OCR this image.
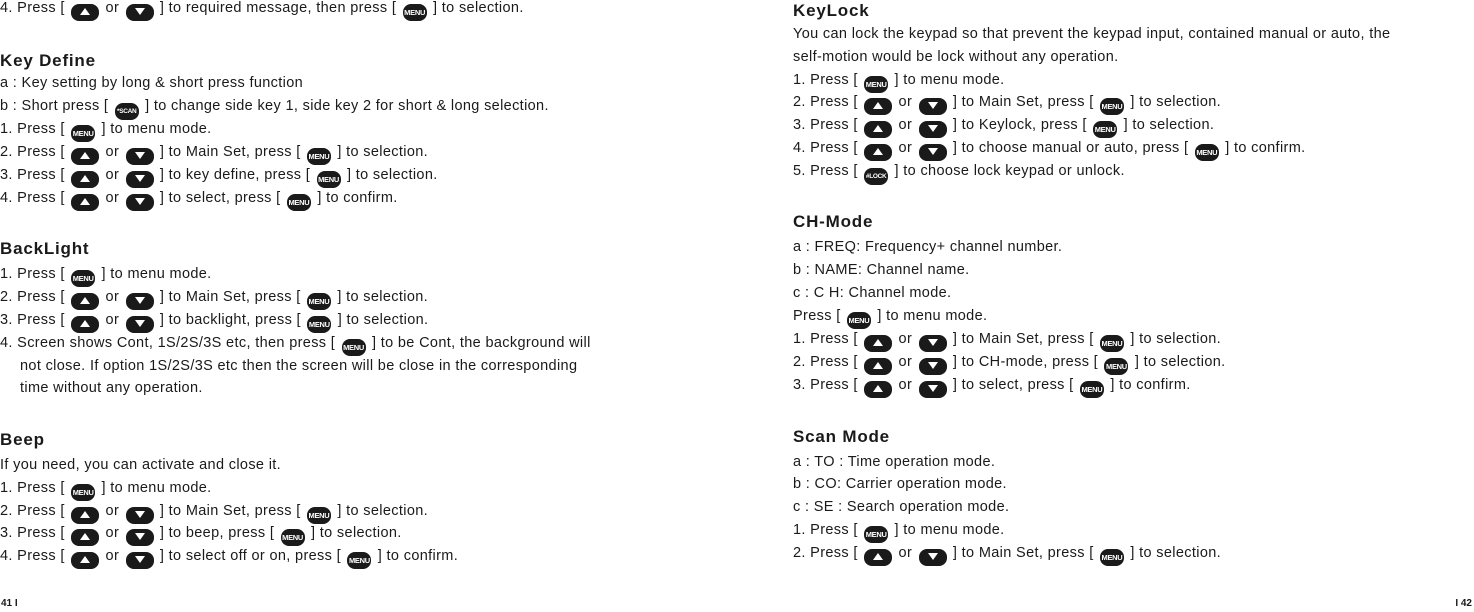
4. Press [	or	] to required message, then press [ MENU ] to selection.
Key Define
a : Key setting by long & short press function
b : Short press [ *SCAN ] to change side key 1, side key 2 for short & long selection.
1. Press [ MENU ] to menu mode.
2. Press [	or	] to Main Set, press [ MENU ] to selection.
3. Press [	or	] to key define, press [ MENU ] to selection.
4. Press [	or	] to select, press [ MENU ] to confirm.
BackLight
1. Press [ MENU ] to menu mode.
2. Press [	or	] to Main Set, press [ MENU ] to selection.
3. Press [	or	] to backlight, press [ MENU ] to selection.
4. Screen shows Cont, 1S/2S/3S etc, then press [ MENU ] to be Cont, the background will
not close. If option 1S/2S/3S etc then the screen will be close in the corresponding
time without any operation.
Beep
If you need, you can activate and close it.
1. Press [ MENU ] to menu mode.
2. Press [	or	] to Main Set, press [ MENU ] to selection.
3. Press [	or	] to beep, press [ MENU ] to selection.
4. Press [	or	] to select off or on, press [ MENU ] to confirm.
41 I
KeyLock
You can lock the keypad so that prevent the keypad input, contained manual or auto, the
self-motion would be lock without any operation.
1. Press [ MENU ] to menu mode.
2. Press [	or	] to Main Set, press [ MENU ] to selection.
3. Press [	or	] to Keylock, press [ MENU ] to selection.
4. Press [	or	] to choose manual or auto, press [ MENU ] to confirm.
5. Press [ #LOCK ] to choose lock keypad or unlock.
CH-Mode
a : FREQ: Frequency+ channel number.
b : NAME: Channel name.
c : C H: Channel mode.
Press [ MENU ] to menu mode.
1. Press [	or	] to Main Set, press [ MENU ] to selection.
2. Press [	or	] to CH-mode, press [ MENU ] to selection.
3. Press [	or	] to select, press [ MENU ] to confirm.
Scan Mode
a : TO : Time operation mode.
b : CO: Carrier operation mode.
c : SE : Search operation mode.
1. Press [ MENU ] to menu mode.
2. Press [	or	] to Main Set, press [ MENU ] to selection.
I 42
